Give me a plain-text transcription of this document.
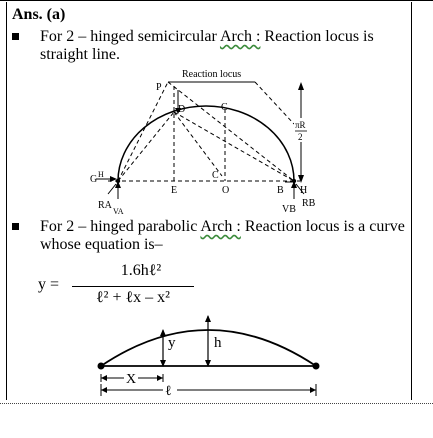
Ans. (a)
For 2 – hinged semicircular Arch : Reaction locus is straight line.
Reaction locus
πR
2
P
D	C
C
G H
E	O	B H
RA
VA	VB
RB
For 2 – hinged parabolic Arch : Reaction locus is a curve whose equation is–
y =
1.6hℓ²
ℓ² + ℓx – x²
y	h
X
ℓ
